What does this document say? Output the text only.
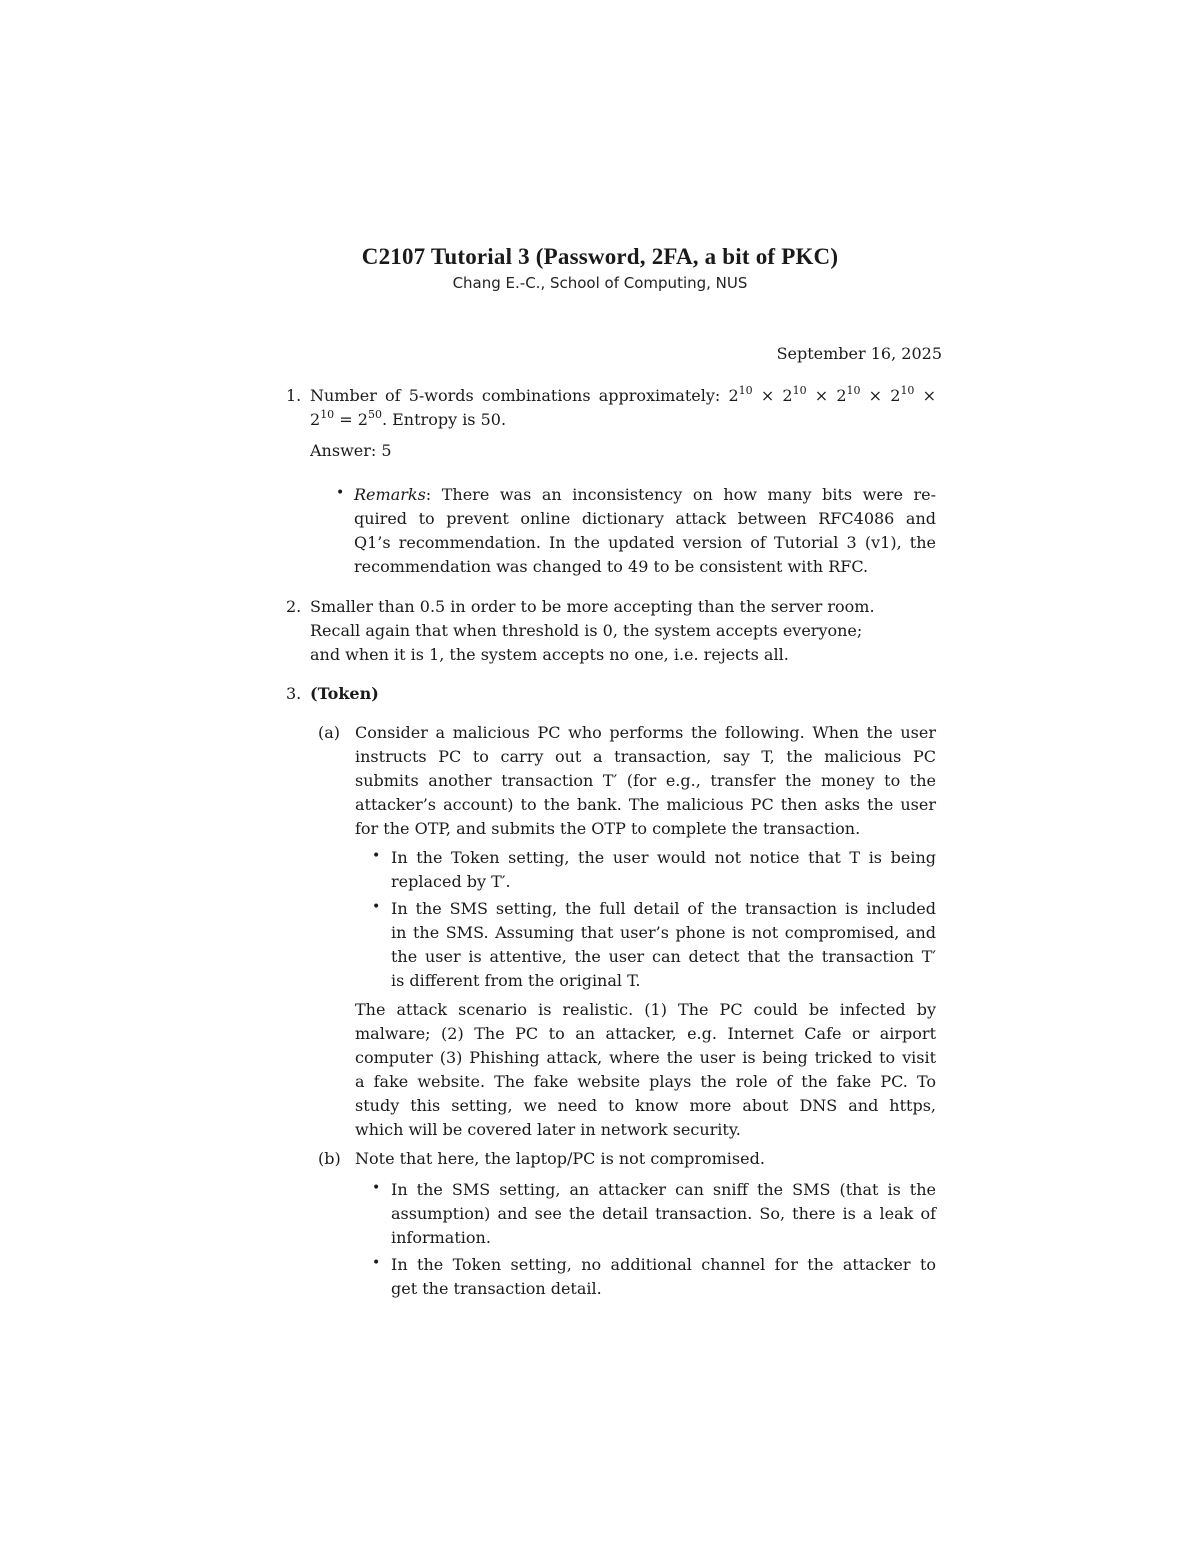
C2107 Tutorial 3 (Password, 2FA, a bit of PKC)
Chang E.-C., School of Computing, NUS
September 16, 2025
1. Number of 5-words combinations approximately: $2^{10} \times 2^{10} \times 2^{10} \times 2^{10}$ ×
$2^{10} = 2^{50}$. Entropy is 50.
Answer: 5
• Remarks: There was an inconsistency on how many bits were re-
quired to prevent online dictionary attack between RFC4086 and
Q1’s recommendation. In the updated version of Tutorial 3 (v1), the
recommendation was changed to 49 to be consistent with RFC.
2. Smaller than 0.5 in order to be more accepting than the server room.
Recall again that when threshold is 0, the system accepts everyone;
and when it is 1, the system accepts no one, i.e. rejects all.
3. (Token)
(a) Consider a malicious PC who performs the following. When the user
instructs PC to carry out a transaction, say T, the malicious PC
submits another transaction T′ (for e.g., transfer the money to the
attacker’s account) to the bank. The malicious PC then asks the user
for the OTP, and submits the OTP to complete the transaction.
• In the Token setting, the user would not notice that T is being
replaced by T′.
• In the SMS setting, the full detail of the transaction is included
in the SMS. Assuming that user’s phone is not compromised, and
the user is attentive, the user can detect that the transaction T′
is different from the original T.
The attack scenario is realistic. (1) The PC could be infected by
malware; (2) The PC to an attacker, e.g. Internet Cafe or airport
computer (3) Phishing attack, where the user is being tricked to visit
a fake website. The fake website plays the role of the fake PC. To
study this setting, we need to know more about DNS and https,
which will be covered later in network security.
(b) Note that here, the laptop/PC is not compromised.
• In the SMS setting, an attacker can sniff the SMS (that is the
assumption) and see the detail transaction. So, there is a leak of
information.
• In the Token setting, no additional channel for the attacker to
get the transaction detail.
